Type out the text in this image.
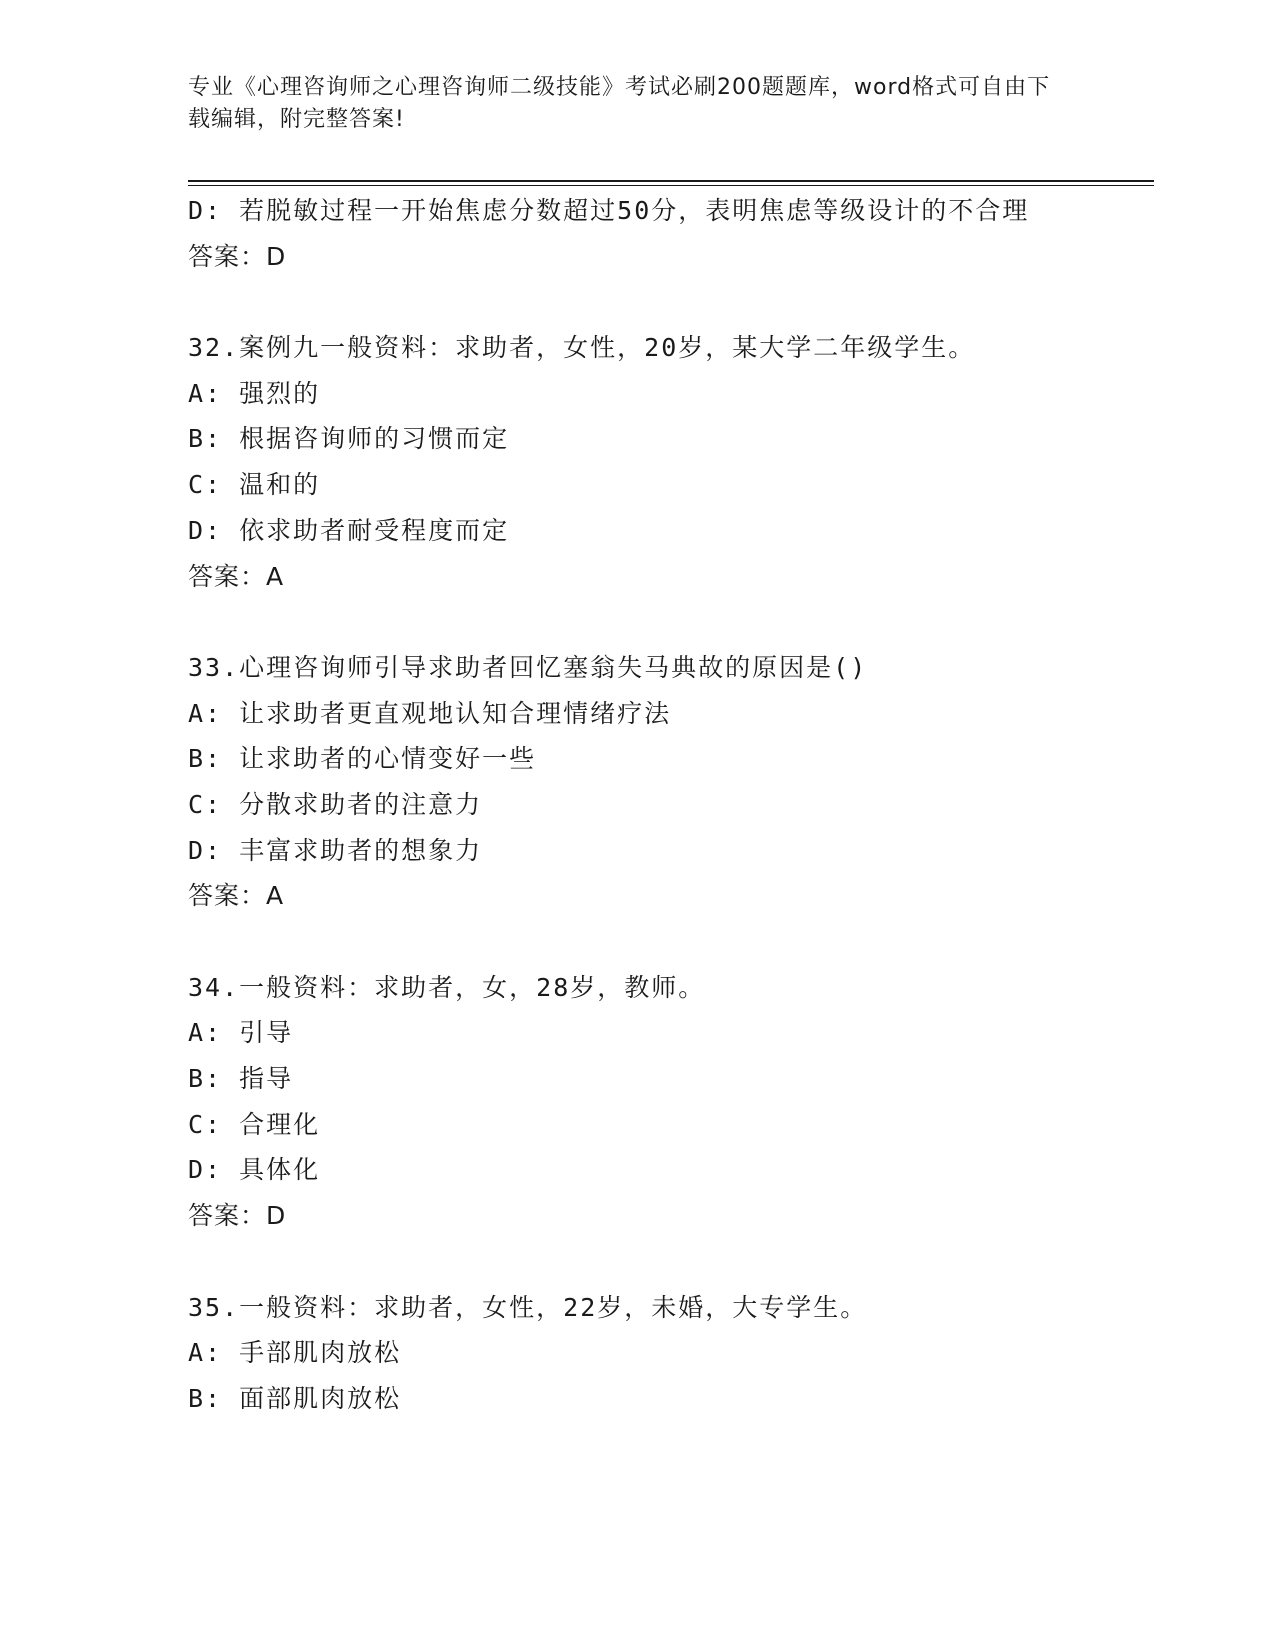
专业《心理咨询师之心理咨询师二级技能》考试必刷200题题库，word格式可自由下载编辑，附完整答案!
D: 若脱敏过程一开始焦虑分数超过50分，表明焦虑等级设计的不合理
答案：D
32.案例九一般资料：求助者，女性，20岁，某大学二年级学生。
A: 强烈的
B: 根据咨询师的习惯而定
C: 温和的
D: 依求助者耐受程度而定
答案：A
33.心理咨询师引导求助者回忆塞翁失马典故的原因是()
A: 让求助者更直观地认知合理情绪疗法
B: 让求助者的心情变好一些
C: 分散求助者的注意力
D: 丰富求助者的想象力
答案：A
34.一般资料：求助者，女，28岁，教师。
A: 引导
B: 指导
C: 合理化
D: 具体化
答案：D
35.一般资料：求助者，女性，22岁，未婚，大专学生。
A: 手部肌肉放松
B: 面部肌肉放松
